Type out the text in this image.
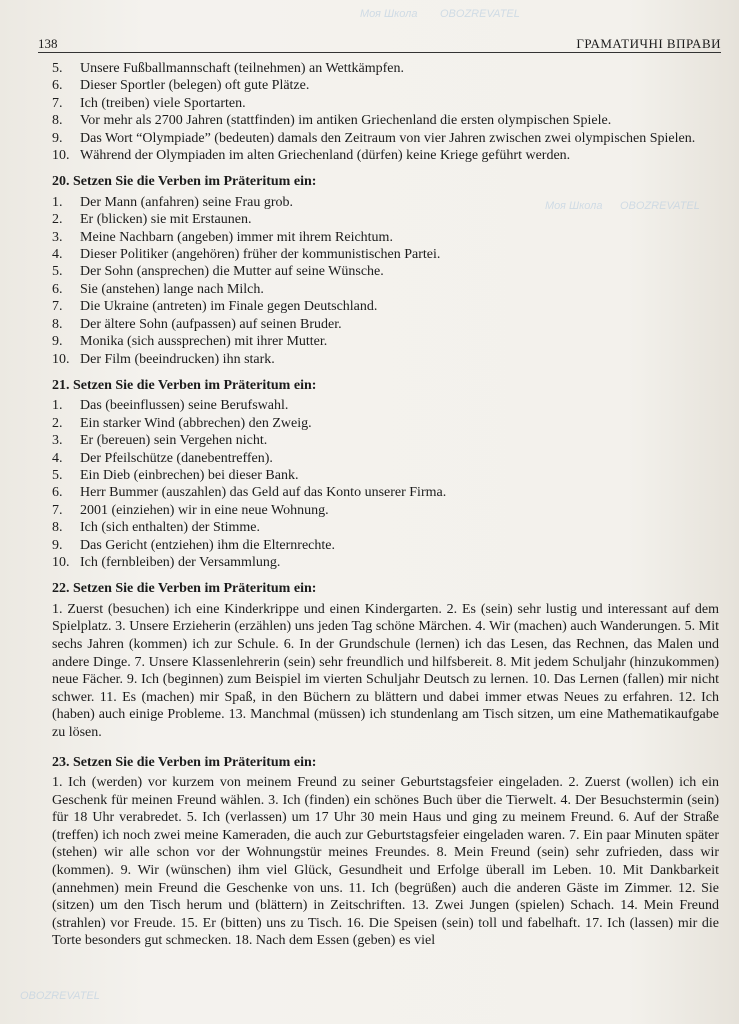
138	ГРАМАТИЧНІ ВПРАВИ
Моя Школа OBOZREVATEL
Моя Школа OBOZREVATEL
OBOZREVATEL
5.	Unsere Fußballmannschaft (teilnehmen) an Wettkämpfen.
6.	Dieser Sportler (belegen) oft gute Plätze.
7.	Ich (treiben) viele Sportarten.
8.	Vor mehr als 2700 Jahren (stattfinden) im antiken Griechenland die ersten olympischen Spiele.
9.	Das Wort “Olympiade” (bedeuten) damals den Zeitraum von vier Jahren zwischen zwei olympischen Spielen.
10. Während der Olympiaden im alten Griechenland (dürfen) keine Kriege geführt werden.
20. Setzen Sie die Verben im Präteritum ein:
1.	Der Mann (anfahren) seine Frau grob.
2.	Er (blicken) sie mit Erstaunen.
3.	Meine Nachbarn (angeben) immer mit ihrem Reichtum.
4.	Dieser Politiker (angehören) früher der kommunistischen Partei.
5.	Der Sohn (ansprechen) die Mutter auf seine Wünsche.
6.	Sie (anstehen) lange nach Milch.
7.	Die Ukraine (antreten) im Finale gegen Deutschland.
8.	Der ältere Sohn (aufpassen) auf seinen Bruder.
9.	Monika (sich aussprechen) mit ihrer Mutter.
10. Der Film (beeindrucken) ihn stark.
21. Setzen Sie die Verben im Präteritum ein:
1.	Das (beeinflussen) seine Berufswahl.
2.	Ein starker Wind (abbrechen) den Zweig.
3.	Er (bereuen) sein Vergehen nicht.
4.	Der Pfeilschütze (danebentreffen).
5.	Ein Dieb (einbrechen) bei dieser Bank.
6.	Herr Bummer (auszahlen) das Geld auf das Konto unserer Firma.
7.	2001 (einziehen) wir in eine neue Wohnung.
8.	Ich (sich enthalten) der Stimme.
9.	Das Gericht (entziehen) ihm die Elternrechte.
10. Ich (fernbleiben) der Versammlung.
22. Setzen Sie die Verben im Präteritum ein:

1. Zuerst (besuchen) ich eine Kinderkrippe und einen Kindergarten. 2. Es (sein) sehr lustig und interessant auf dem Spielplatz. 3. Unsere Erzieherin (erzählen) uns jeden Tag schöne Märchen. 4. Wir (machen) auch Wanderungen. 5. Mit sechs Jahren (kommen) ich zur Schule. 6. In der Grundschule (lernen) ich das Lesen, das Rechnen, das Malen und andere Dinge. 7. Unsere Klassenlehrerin (sein) sehr freundlich und hilfsbereit. 8. Mit jedem Schuljahr (hinzukommen) neue Fächer. 9. Ich (beginnen) zum Beispiel im vierten Schuljahr Deutsch zu lernen. 10. Das Lernen (fallen) mir nicht schwer. 11. Es (machen) mir Spaß, in den Büchern zu blättern und dabei immer etwas Neues zu erfahren. 12. Ich (haben) auch einige Probleme. 13. Manchmal (müssen) ich stundenlang am Tisch sitzen, um eine Mathematikaufgabe zu lösen.

23. Setzen Sie die Verben im Präteritum ein:

1. Ich (werden) vor kurzem von meinem Freund zu seiner Geburtstagsfeier eingeladen. 2. Zuerst (wollen) ich ein Geschenk für meinen Freund wählen. 3. Ich (finden) ein schönes Buch über die Tierwelt. 4. Der Besuchstermin (sein) für 18 Uhr verabredet. 5. Ich (verlassen) um 17 Uhr 30 mein Haus und ging zu meinem Freund. 6. Auf der Straße (treffen) ich noch zwei meine Kameraden, die auch zur Geburtstagsfeier eingeladen waren. 7. Ein paar Minuten später (stehen) wir alle schon vor der Wohnungstür meines Freundes. 8. Mein Freund (sein) sehr zufrieden, dass wir (kommen). 9. Wir (wünschen) ihm viel Glück, Gesundheit und Erfolge überall im Leben. 10. Mit Dankbarkeit (annehmen) mein Freund die Geschenke von uns. 11. Ich (begrüßen) auch die anderen Gäste im Zimmer. 12. Sie (sitzen) um den Tisch herum und (blättern) in Zeitschriften. 13. Zwei Jungen (spielen) Schach. 14. Mein Freund (strahlen) vor Freude. 15. Er (bitten) uns zu Tisch. 16. Die Speisen (sein) toll und fabelhaft. 17. Ich (lassen) mir die Torte besonders gut schmecken. 18. Nach dem Essen (geben) es viel
